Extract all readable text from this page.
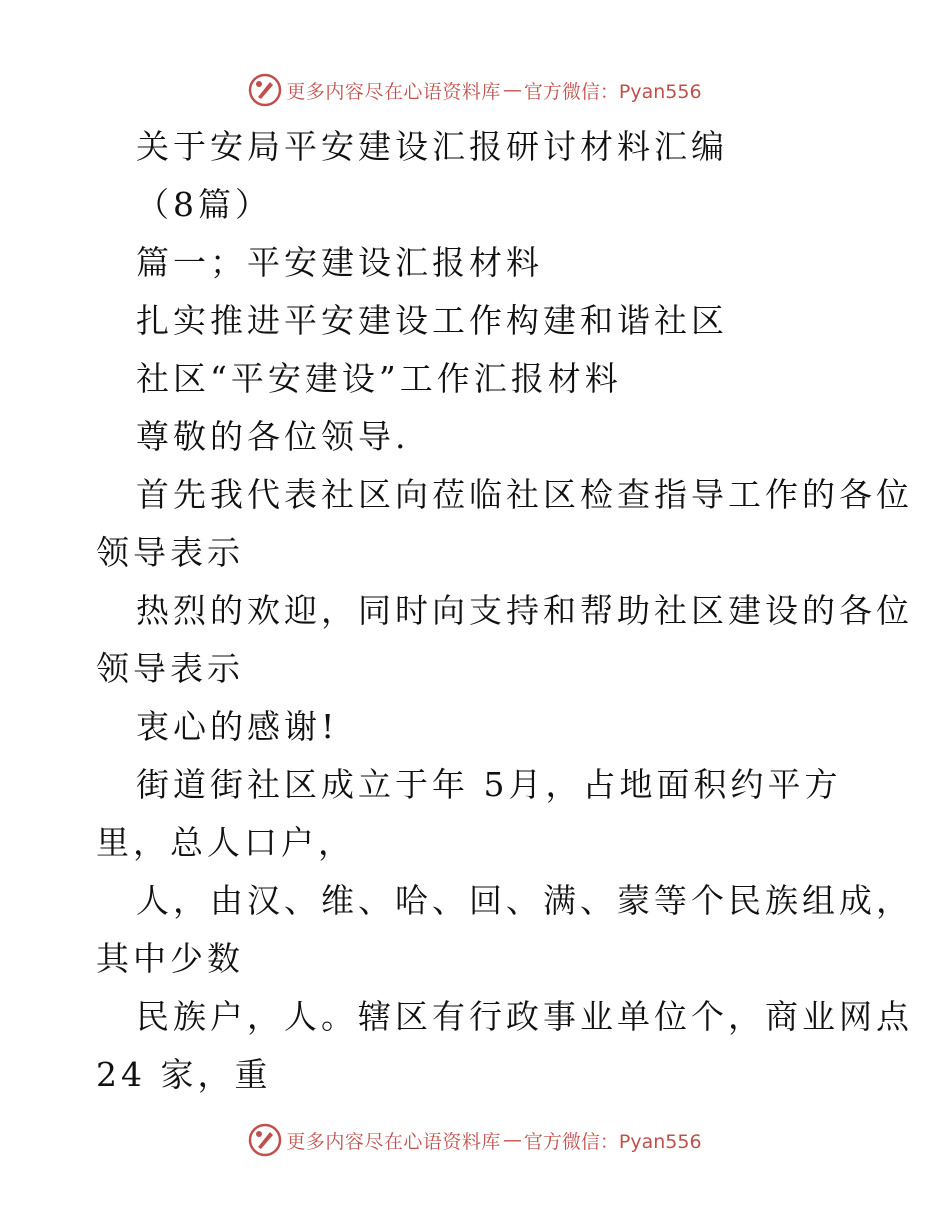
更多内容尽在心语资料库 — 官方微信：Pyan556
关于安局平安建设汇报研讨材料汇编
（8篇）
篇一；平安建设汇报材料
扎实推进平安建设工作构建和谐社区
社区“平安建设”工作汇报材料
尊敬的各位领导.
首先我代表社区向莅临社区检查指导工作的各位
领导表示
热烈的欢迎，同时向支持和帮助社区建设的各位
领导表示
衷心的感谢!
街道街社区成立于年 5月，占地面积约平方
里，总人口户，
人，由汉、维、哈、回、满、蒙等个民族组成，
其中少数
民族户，人。辖区有行政事业单位个，商业网点
24 家，重
更多内容尽在心语资料库 — 官方微信：Pyan556
